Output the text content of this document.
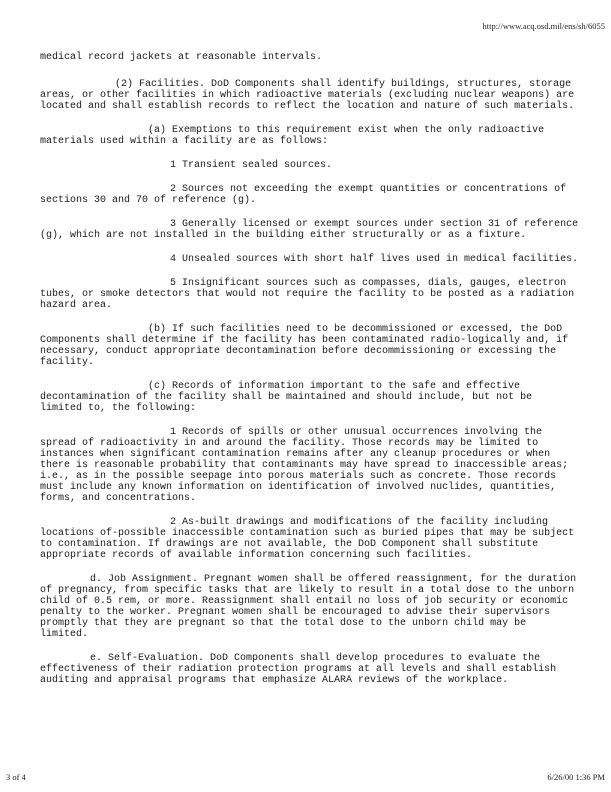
http://www.acq.osd.mil/ens/sh/6055

medical record jackets at reasonable intervals.

(2) Facilities. DoD Components shall identify buildings, structures, storage areas, or other facilities in which radioactive materials (excluding nuclear weapons) are located and shall establish records to reflect the location and nature of such materials.

(a) Exemptions to this requirement exist when the only radioactive materials used within a facility are as follows:

1 Transient sealed sources.

2 Sources not exceeding the exempt quantities or concentrations of sections 30 and 70 of reference (g).

3 Generally licensed or exempt sources under section 31 of reference (g), which are not installed in the building either structurally or as a fixture.

4 Unsealed sources with short half lives used in medical facilities.

5 Insignificant sources such as compasses, dials, gauges, electron tubes, or smoke detectors that would not require the facility to be posted as a radiation hazard area.

(b) If such facilities need to be decommissioned or excessed, the DoD Components shall determine if the facility has been contaminated radio-logically and, if necessary, conduct appropriate decontamination before decommissioning or excessing the facility.

(c) Records of information important to the safe and effective decontamination of the facility shall be maintained and should include, but not be limited to, the following:

1 Records of spills or other unusual occurrences involving the spread of radioactivity in and around the facility. Those records may be limited to instances when significant contamination remains after any cleanup procedures or when there is reasonable probability that contaminants may have spread to inaccessible areas; i.e., as in the possible seepage into porous materials such as concrete. Those records must include any known information on identification of involved nuclides, quantities, forms, and concentrations.

2 As-built drawings and modifications of the facility including locations of-possible inaccessible contamination such as buried pipes that may be subject to contamination. If drawings are not available, the DoD Component shall substitute appropriate records of available information concerning such facilities.

d. Job Assignment. Pregnant women shall be offered reassignment, for the duration of pregnancy, from specific tasks that are likely to result in a total dose to the unborn child of 0.5 rem, or more. Reassignment shall entail no loss of job security or economic penalty to the worker. Pregnant women shall be encouraged to advise their supervisors promptly that they are pregnant so that the total dose to the unborn child may be limited.

e. Self-Evaluation. DoD Components shall develop procedures to evaluate the effectiveness of their radiation protection programs at all levels and shall establish auditing and appraisal programs that emphasize ALARA reviews of the workplace.

3 of 4	6/26/00 1:36 PM
